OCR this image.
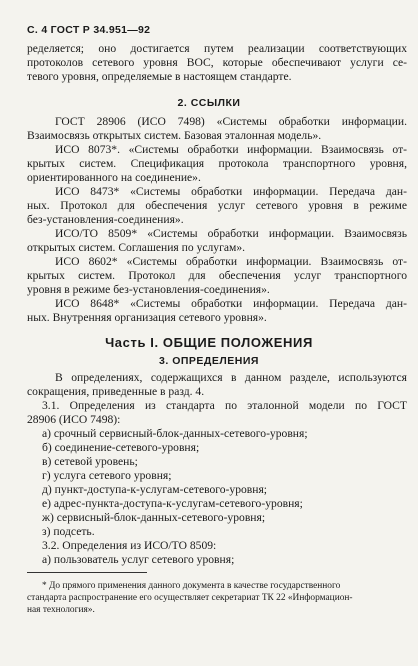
С. 4 ГОСТ Р 34.951—92
ределяется; оно достигается путем реализации соответствующих
протоколов сетевого уровня ВОС, которые обеспечивают услуги се-
тевого уровня, определяемые в настоящем стандарте.
2. ССЫЛКИ
ГОСТ 28906 (ИСО 7498) «Системы обработки информации.
Взаимосвязь открытых систем. Базовая эталонная модель».
ИСО 8073*. «Системы обработки информации. Взаимосвязь от-
крытых систем. Спецификация протокола транспортного уровня,
ориентированного на соединение».
ИСО 8473* «Системы обработки информации. Передача дан-
ных. Протокол для обеспечения услуг сетевого уровня в режиме
без-установления-соединения».
ИСО/ТО 8509* «Системы обработки информации. Взаимосвязь
открытых систем. Соглашения по услугам».
ИСО 8602* «Системы обработки информации. Взаимосвязь от-
крытых систем. Протокол для обеспечения услуг транспортного
уровня в режиме без-установления-соединения».
ИСО 8648* «Системы обработки информации. Передача дан-
ных. Внутренняя организация сетевого уровня».
Часть I. ОБЩИЕ ПОЛОЖЕНИЯ
3. ОПРЕДЕЛЕНИЯ
В определениях, содержащихся в данном разделе, используются
сокращения, приведенные в разд. 4.
3.1. Определения из стандарта по эталонной модели по ГОСТ
28906 (ИСО 7498):
а) срочный сервисный-блок-данных-сетевого-уровня;
б) соединение-сетевого-уровня;
в) сетевой уровень;
г) услуга сетевого уровня;
д) пункт-доступа-к-услугам-сетевого-уровня;
е) адрес-пункта-доступа-к-услугам-сетевого-уровня;
ж) сервисный-блок-данных-сетевого-уровня;
з) подсеть.
3.2. Определения из ИСО/ТО 8509:
а) пользователь услуг сетевого уровня;
* До прямого применения данного документа в качестве государственного
стандарта распространение его осуществляет секретариат ТК 22 «Информацион-
ная технология».
